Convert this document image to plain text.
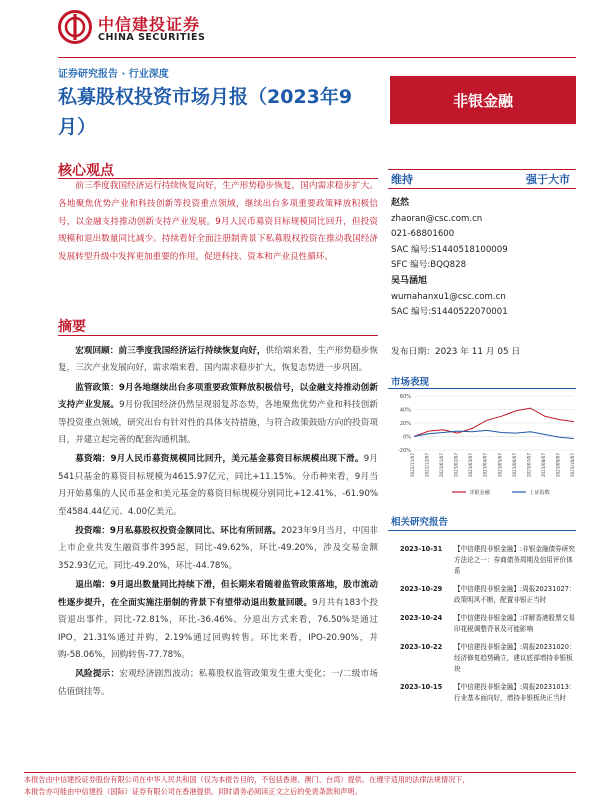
中信建投证券
CHINA SECURITIES
证券研究报告 · 行业深度
私募股权投资市场月报（2023年9月）
非银金融
核心观点
前三季度我国经济运行持续恢复向好，生产形势稳步恢复，国内需求稳步扩大。各地聚焦优势产业和科技创新等投资重点领域，继续出台多项重要政策释放积极信号，以金融支持推动创新支持产业发展。9月人民币募资目标规模同比回升，但投资规模和退出数量同比减少。持续看好全面注册制背景下私募股权投资在推动我国经济发展转型升级中发挥更加重要的作用，促进科技、资本和产业良性循环。
摘要

宏观回顾：前三季度我国经济运行持续恢复向好，供给端来看，生产形势稳步恢复，三次产业发展向好，需求端来看，国内需求稳步扩大，恢复态势进一步巩固。

监管政策：9月各地继续出台多项重要政策释放积极信号，以金融支持推动创新支持产业发展。9月份我国经济仍然呈现弱复苏态势，各地聚焦优势产业和科技创新等投资重点领域，研究出台有针对性的具体支持措施，与符合政策鼓励方向的投资项目，并建立起完善的配套沟通机制。

募资端：9月人民币募资规模同比回升，美元基金募资目标规模出现下滑。9月541只基金的募资目标规模为4615.97亿元，同比+11.15%。分币种来看，9月当月开始募集的人民币基金和美元基金的募资目标规模分别同比+12.41%、-61.90%至4584.44亿元、4.00亿美元。

投资端：9月私募股权投资金额同比、环比有所回落。2023年9月当月，中国非上市企业共发生融资事件395起，同比-49.62%，环比-49.20%，涉及交易金额352.93亿元，同比-49.20%，环比-44.78%。

退出端：9月退出数量同比持续下滑，但长期来看随着监管政策落地，股市流动性逐步提升，在全面实施注册制的背景下有望带动退出数量回暖。9月共有183个投资退出事件，同比-72.81%，环比-36.46%。分退出方式来看，76.50%是通过IPO，21.31%通过并购，2.19%通过回购转售。环比来看，IPO-20.90%，并购-58.06%，回购转售-77.78%。

风险提示：宏观经济剧烈波动；私募股权监管政策发生重大变化；一/二级市场估值倒挂等。

维持	强于大市
赵然
zhaoran@csc.com.cn
021-68801600
SAC 编号:S1440518100009
SFC 编号:BQQ828
吴马涵旭
wumahanxu1@csc.com.cn
SAC 编号:S1440522070001
发布日期：2023 年 11 月 05 日
市场表现
60%
40%
20%
0%
-20%
2022/11/07 2022/12/07 2023/01/07 2023/02/07 2023/03/07 2023/04/07 2023/05/07 2023/06/07 2023/07/07 2023/08/07 2023/09/07 2023/10/07
非银金融	上证指数
相关研究报告
2023-10-31	【中信建投非银金融】:非银金融债券研究方法论之一：券商债务周期及信用评价体系
2023-10-29	【中信建投非银金融】:周报20231027：政策明风不断，配置非银正当时
2023-10-24	【中信建投非银金融】:详解香港股票交易印花税调整背景及可能影响
2023-10-22	【中信建投非银金融】:周报20231020：经济修复趋势确立，建议底部增持非银板块
2023-10-15	【中信建投非银金融】:周报20231013：行业基本面向好，增持非银板块正当时
本报告由中信建投证券股份有限公司在中华人民共和国（仅为本报告目的，不包括香港、澳门、台湾）提供。在遵守适用的法律法规情况下，
本报告亦可能由中信建投（国际）证券有限公司在香港提供。同时请务必阅读正文之后的免责条款和声明。
